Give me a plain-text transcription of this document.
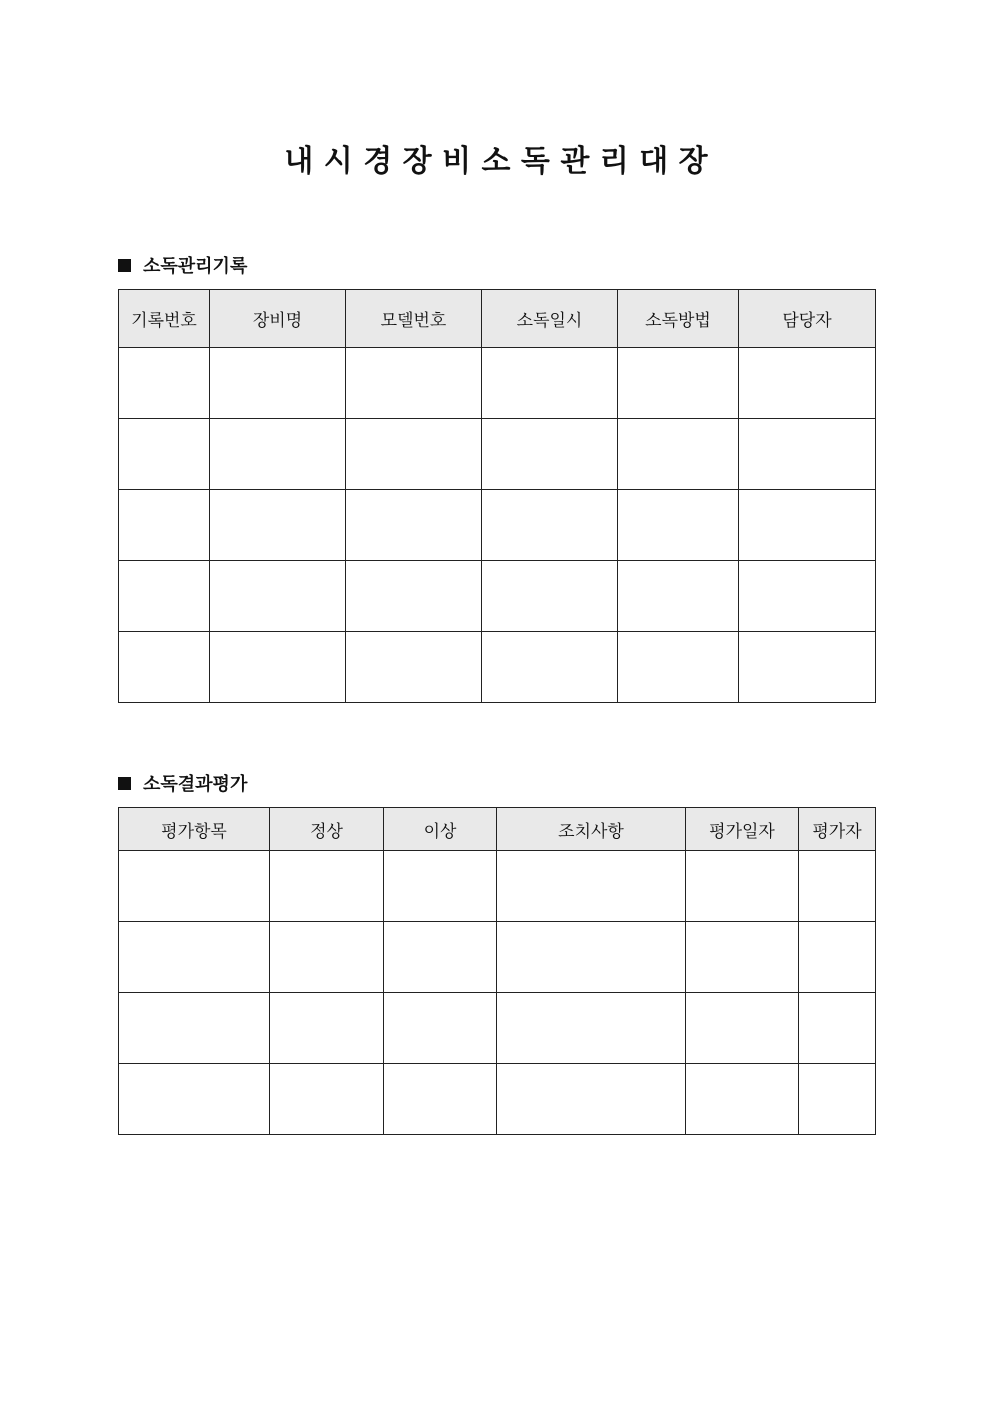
내 시 경 장 비 소 독 관 리 대 장
소독관리기록
기록번호	장비명	모델번호	소독일시	소독방법	담당자

소독결과평가
평가항목	정상	이상	조치사항	평가일자	평가자
